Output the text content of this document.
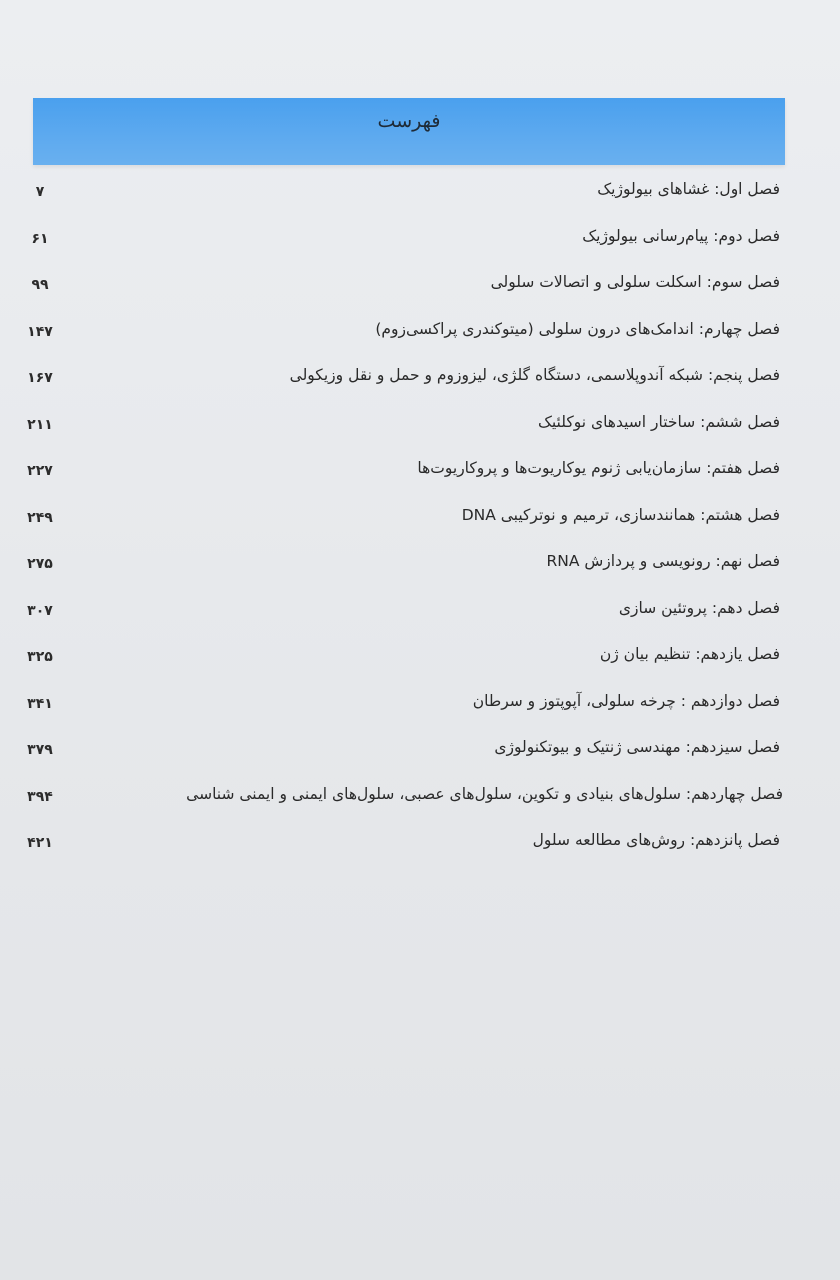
فهرست
فصل اول: غشاهای بیولوژیک
۷
فصل دوم: پیام‌رسانی بیولوژیک
۶۱
فصل سوم: اسکلت سلولی و اتصالات سلولی
۹۹
فصل چهارم: اندامک‌های درون سلولی (میتوکندری پراکسی‌زوم)
۱۴۷
فصل پنجم: شبکه آندوپلاسمی، دستگاه گلژی، لیزوزوم و حمل و نقل وزیکولی
۱۶۷
فصل ششم: ساختار اسیدهای نوکلئیک
۲۱۱
فصل هفتم: سازمان‌یابی ژنوم یوکاریوت‌ها و پروکاریوت‌ها
۲۲۷
فصل هشتم: همانندسازی، ترمیم و نوترکیبی DNA
۲۴۹
فصل نهم: رونویسی و پردازش RNA
۲۷۵
فصل دهم: پروتئین سازی
۳۰۷
فصل یازدهم: تنظیم بیان ژن
۳۲۵
فصل دوازدهم : چرخه سلولی، آپوپتوز و سرطان
۳۴۱
فصل سیزدهم: مهندسی ژنتیک و بیوتکنولوژی
۳۷۹
فصل چهاردهم: سلول‌های بنیادی و تکوین، سلول‌های عصبی، سلول‌های ایمنی و ایمنی شناسی
۳۹۴
فصل پانزدهم: روش‌های مطالعه سلول
۴۲۱
